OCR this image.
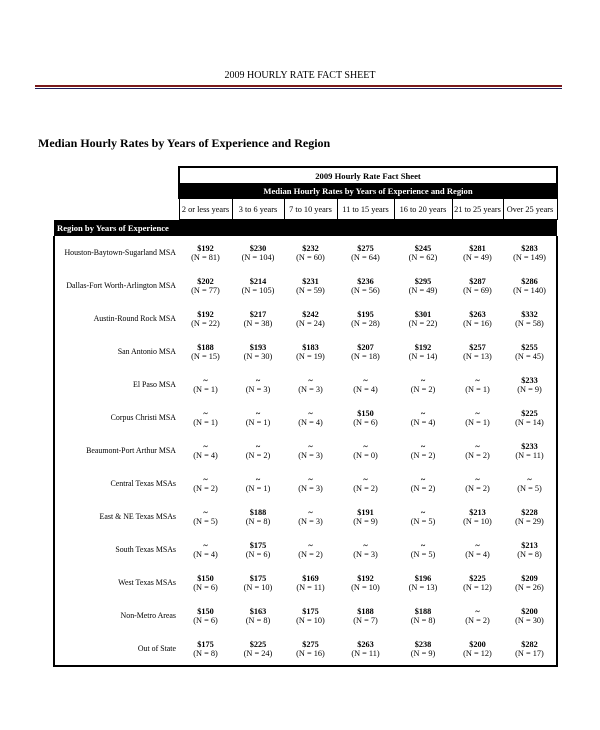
2009 HOURLY RATE FACT SHEET
Median Hourly Rates by Years of Experience and Region
	2009 Hourly Rate Fact Sheet						
	Median Hourly Rates by Years of Experience and Region						
	2 or less years	3 to 6 years	7 to 10 years	11 to 15 years	16 to 20 years	21 to 25 years	Over 25 years
Region by Years of Experience							
Houston-Baytown-Sugarland MSA	$192	$230	$232	$275	$245	$281	$283
	(N = 81)	(N = 104)	(N = 60)	(N = 64)	(N = 62)	(N = 49)	(N = 149)
Dallas-Fort Worth-Arlington MSA	$202	$214	$231	$236	$295	$287	$286
	(N = 77)	(N = 105)	(N = 59)	(N = 56)	(N = 49)	(N = 69)	(N = 140)
Austin-Round Rock MSA	$192	$217	$242	$195	$301	$263	$332
	(N = 22)	(N = 38)	(N = 24)	(N = 28)	(N = 22)	(N = 16)	(N = 58)
San Antonio MSA	$188	$193	$183	$207	$192	$257	$255
	(N = 15)	(N = 30)	(N = 19)	(N = 18)	(N = 14)	(N = 13)	(N = 45)
El Paso MSA	~	~	~	~	~	~	$233
	(N = 1)	(N = 3)	(N = 3)	(N = 4)	(N = 2)	(N = 1)	(N = 9)
Corpus Christi MSA	~	~	~	$150	~	~	$225
	(N = 1)	(N = 1)	(N = 4)	(N = 6)	(N = 4)	(N = 1)	(N = 14)
Beaumont-Port Arthur MSA	~	~	~	~	~	~	$233
	(N = 4)	(N = 2)	(N = 3)	(N = 0)	(N = 2)	(N = 2)	(N = 11)
Central Texas MSAs	~	~	~	~	~	~	~
	(N = 2)	(N = 1)	(N = 3)	(N = 2)	(N = 2)	(N = 2)	(N = 5)
East & NE Texas MSAs	~	$188	~	$191	~	$213	$228
	(N = 5)	(N = 8)	(N = 3)	(N = 9)	(N = 5)	(N = 10)	(N = 29)
South Texas MSAs	~	$175	~	~	~	~	$213
	(N = 4)	(N = 6)	(N = 2)	(N = 3)	(N = 5)	(N = 4)	(N = 8)
West Texas MSAs	$150	$175	$169	$192	$196	$225	$209
	(N = 6)	(N = 10)	(N = 11)	(N = 10)	(N = 13)	(N = 12)	(N = 26)
Non-Metro Areas	$150	$163	$175	$188	$188	~	$200
	(N = 6)	(N = 8)	(N = 10)	(N = 7)	(N = 8)	(N = 2)	(N = 30)
Out of State	$175	$225	$275	$263	$238	$200	$282
	(N = 8)	(N = 24)	(N = 16)	(N = 11)	(N = 9)	(N = 12)	(N = 17)
